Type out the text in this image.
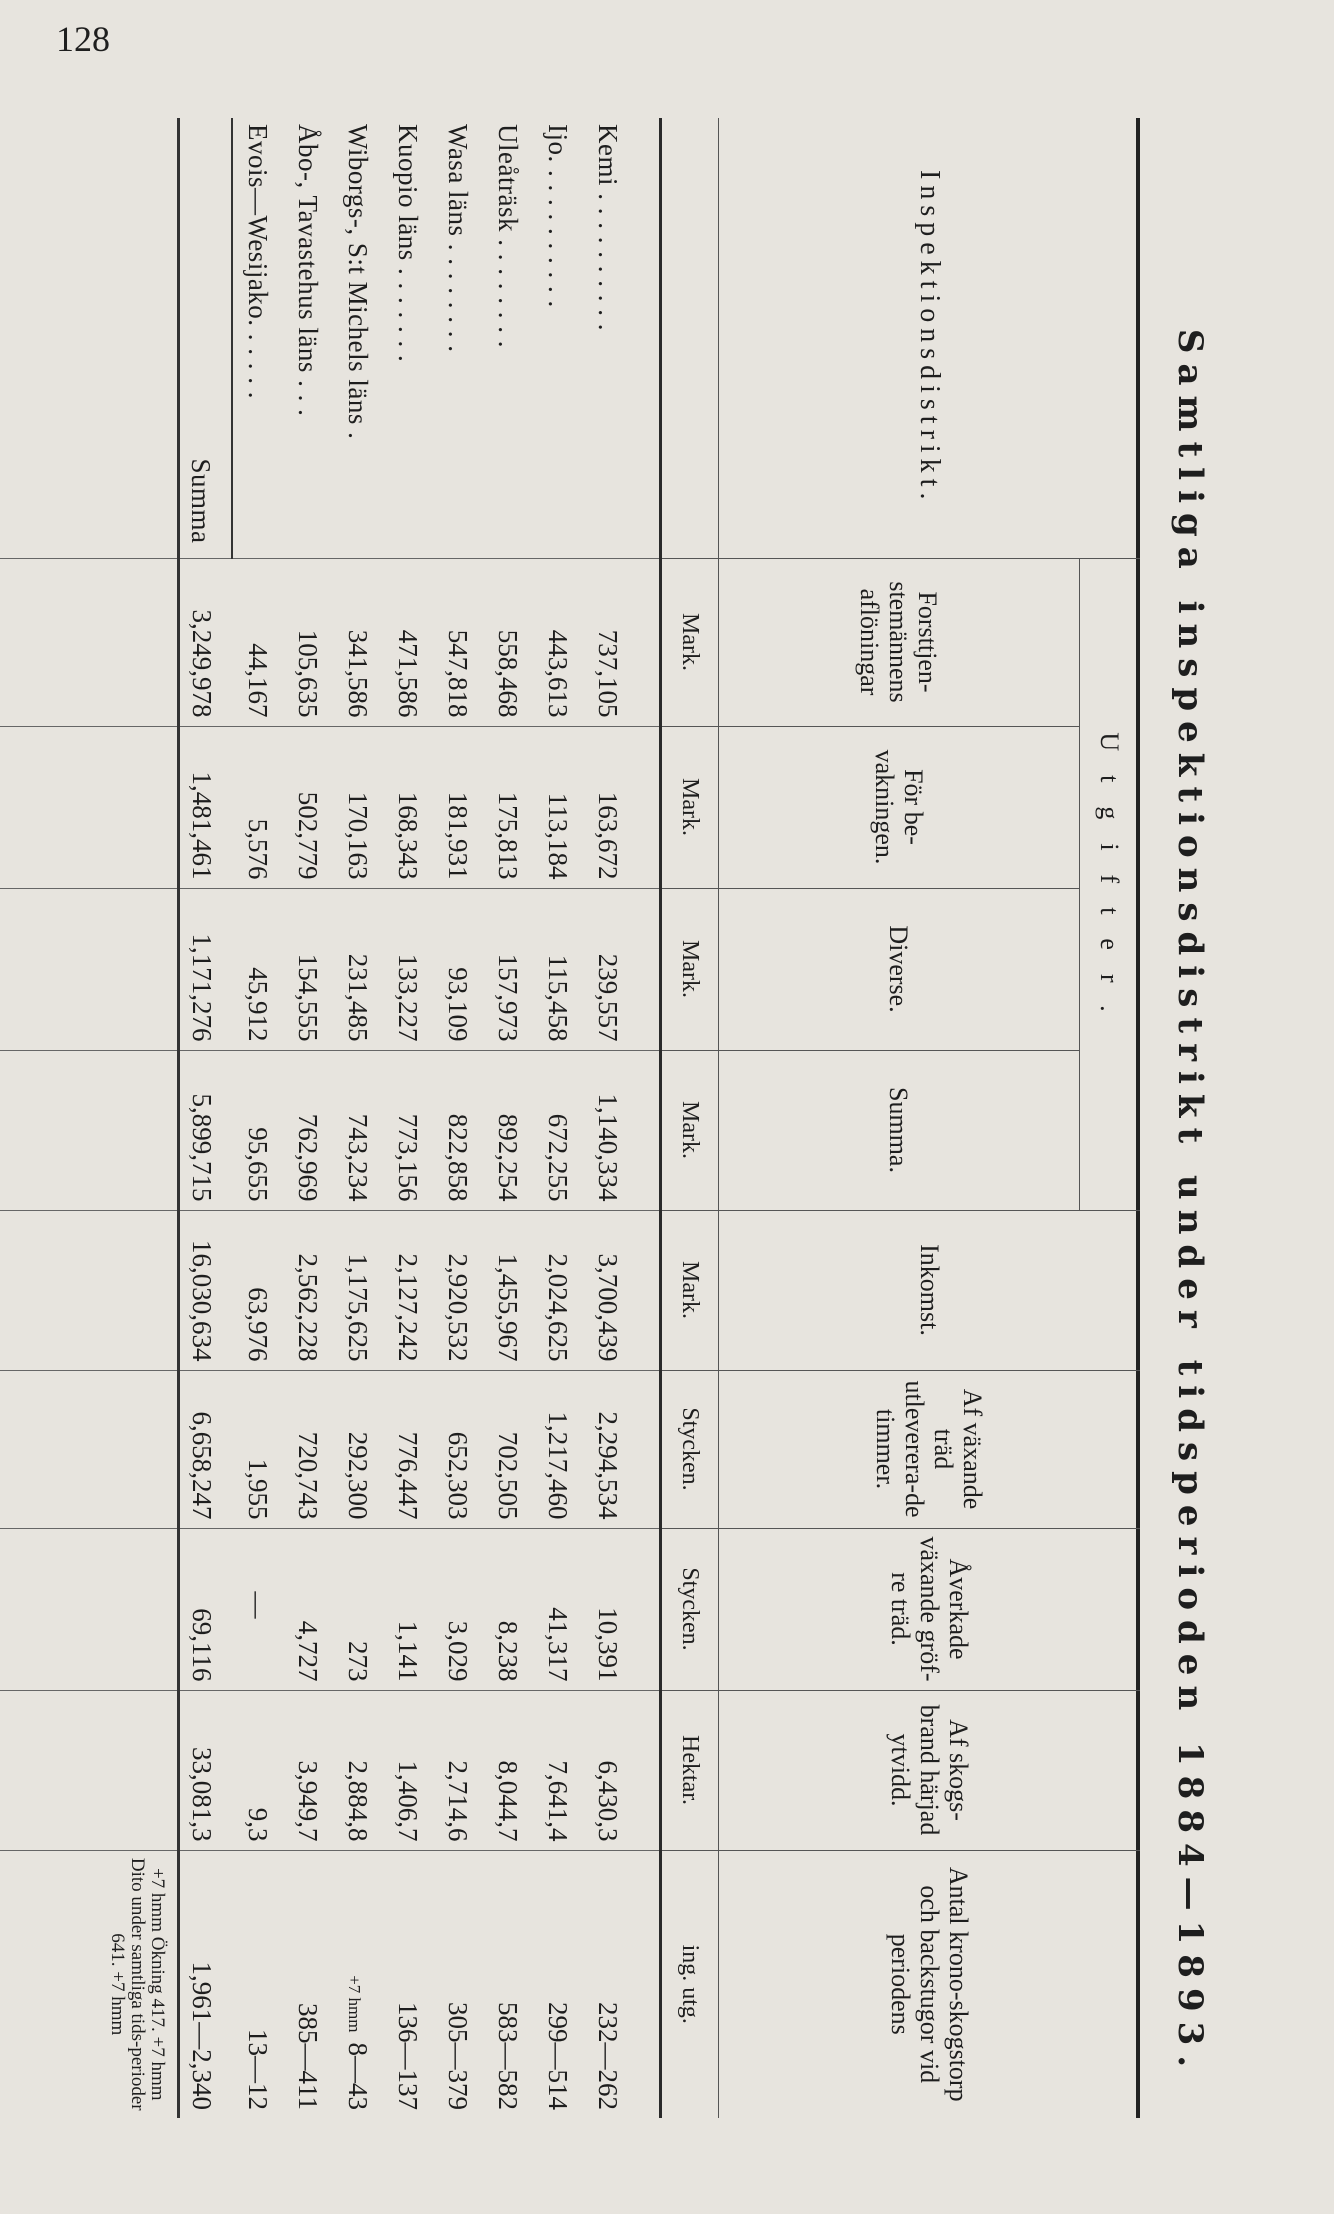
128
Samtliga inspektionsdistrikt under tidsperioden 1884—1893.
Inspektionsdistrikt.	Utgifter.				Inkomst.	Af växande träd utleverera-de timmer.	Åverkade växande gröf-re träd.	Af skogs-brand härjad ytvidd.	Antal krono-skogstorp och backstugor vid periodens
	Forsttjen-stemännens aflöningar	För be-vakningen.	Diverse.	Summa.					
	Mark.	Mark.	Mark.	Mark.	Mark.	Stycken.	Stycken.	Hektar.	ing. utg.

Kemi . . . . . . . . . .	737,105	163,672	239,557	1,140,334	3,700,439	2,294,534	10,391	6,430,3	232—262
Ijo. . . . . . . . . . .	443,613	113,184	115,458	672,255	2,024,625	1,217,460	41,317	7,641,4	299—514
Uleåträsk . . . . . . . .	558,468	175,813	157,973	892,254	1,455,967	702,505	8,238	8,044,7	583—582
Wasa läns . . . . . . . .	547,818	181,931	93,109	822,858	2,920,532	652,303	3,029	2,714,6	305—379
Kuopio läns . . . . . . .	471,586	168,343	133,227	773,156	2,127,242	776,447	1,141	1,406,7	136—137
Wiborgs-, S:t Michels läns .	341,586	170,163	231,485	743,234	1,175,625	292,300	273	2,884,8	+7 hmm8—43
Åbo-, Tavastehus läns . . .	105,635	502,779	154,555	762,969	2,562,228	720,743	4,727	3,949,7	385—411
Evois—Wesijako. . . . . .	44,167	5,576	45,912	95,655	63,976	1,955	—	9,3	13—12
Summa	3,249,978	1,481,461	1,171,276	5,899,715	16,030,634	6,658,247	69,116	33,081,3	1,961—2,340
									+7 hmm Ökning 417. +7 hmm Dito under samtliga tids-perioder 641. +7 hmm
